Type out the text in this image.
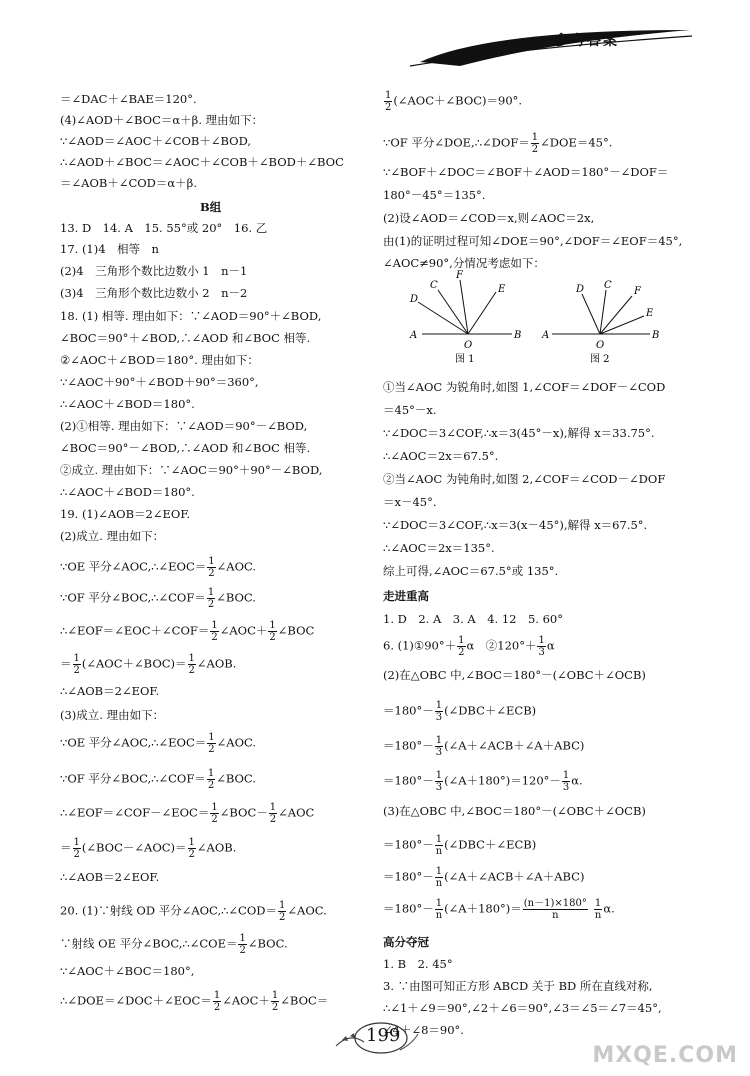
参考答案
＝∠DAC＋∠BAE＝120°.
(4)∠AOD＋∠BOC＝α＋β. 理由如下：
∵∠AOD＝∠AOC＋∠COB＋∠BOD,
∴∠AOD＋∠BOC＝∠AOC＋∠COB＋∠BOD＋∠BOC
＝∠AOB＋∠COD＝α＋β.
B组
13. D　14. A　15. 55°或 20°　16. 乙
17. (1)4　相等　n
(2)4　三角形个数比边数小 1　n－1
(3)4　三角形个数比边数小 2　n－2
18. (1) 相等. 理由如下：∵∠AOD＝90°＋∠BOD,
∠BOC＝90°＋∠BOD,∴∠AOD 和∠BOC 相等.
②∠AOC＋∠BOD＝180°. 理由如下：
∵∠AOC＋90°＋∠BOD＋90°＝360°,
∴∠AOC＋∠BOD＝180°.
(2)①相等. 理由如下：∵∠AOD＝90°－∠BOD,
∠BOC＝90°－∠BOD,∴∠AOD 和∠BOC 相等.
②成立. 理由如下：∵∠AOC＝90°＋90°－∠BOD,
∴∠AOC＋∠BOD＝180°.
19. (1)∠AOB＝2∠EOF.
(2)成立. 理由如下：
∵OE 平分∠AOC,∴∠EOC＝ $\frac{1}{2}$ ∠AOC.
∵OF 平分∠BOC,∴∠COF＝ $\frac{1}{2}$ ∠BOC.
∴∠EOF＝∠EOC＋∠COF＝ $\frac{1}{2}$ ∠AOC＋ $\frac{1}{2}$ ∠BOC
＝ $\frac{1}{2}$ (∠AOC＋∠BOC)＝ $\frac{1}{2}$ ∠AOB.
∴∠AOB＝2∠EOF.
(3)成立. 理由如下：
∵OE 平分∠AOC,∴∠EOC＝ $\frac{1}{2}$ ∠AOC.
∵OF 平分∠BOC,∴∠COF＝ $\frac{1}{2}$ ∠BOC.
∴∠EOF＝∠COF－∠EOC＝ $\frac{1}{2}$ ∠BOC－ $\frac{1}{2}$ ∠AOC
＝ $\frac{1}{2}$ (∠BOC－∠AOC)＝ $\frac{1}{2}$ ∠AOB.
∴∠AOB＝2∠EOF.
20. (1)∵射线 OD 平分∠AOC,∴∠COD＝ $\frac{1}{2}$ ∠AOC.
∵射线 OE 平分∠BOC,∴∠COE＝ $\frac{1}{2}$ ∠BOC.
∵∠AOC＋∠BOC＝180°,
∴∠DOE＝∠DOC＋∠EOC＝ $\frac{1}{2}$ ∠AOC＋ $\frac{1}{2}$ ∠BOC＝
$\frac{1}{2}$ (∠AOC＋∠BOC)＝90°.
∵OF 平分∠DOE,∴∠DOF＝ $\frac{1}{2}$ ∠DOE＝45°.
∵∠BOF＋∠DOC＝∠BOF＋∠AOD＝180°－∠DOF＝
180°－45°＝135°.
(2)设∠AOD＝∠COD＝x,则∠AOC＝2x,
由(1)的证明过程可知∠DOE＝90°,∠DOF＝∠EOF＝45°,
∠AOC≠90°,分情况考虑如下：
①当∠AOC 为锐角时,如图 1,∠COF＝∠DOF－∠COD
＝45°－x.
∵∠DOC＝3∠COF,∴x＝3(45°－x),解得 x＝33.75°.
∴∠AOC＝2x＝67.5°.
②当∠AOC 为钝角时,如图 2,∠COF＝∠COD－∠DOF
＝x－45°.
∵∠DOC＝3∠COF,∴x＝3(x－45°),解得 x＝67.5°.
∴∠AOC＝2x＝135°.
综上可得,∠AOC＝67.5°或 135°.
走进重高
1. D　2. A　3. A　4. 12　5. 60°
6. (1)①90°＋ $\frac{1}{2}$ α　②120°＋ $\frac{1}{3}$ α
(2)在△OBC 中,∠BOC＝180°－(∠OBC＋∠OCB)
$=180^\circ- \frac{1}{3}$ (∠DBC＋∠ECB)
$=180^\circ- \frac{1}{3}$ (∠A＋∠ACB＋∠A＋ABC)
$=180^\circ- \frac{1}{3}$ (∠A＋180°)＝120°－ $\frac{1}{3} \alpha$.
(3)在△OBC 中,∠BOC＝180°－(∠OBC＋∠OCB)
$=180^\circ- \frac{1}{n}$ (∠DBC＋∠ECB)
$=180^\circ- \frac{1}{n}$ (∠A＋∠ACB＋∠A＋ABC)
$=180^\circ- \frac{1}{n}$ (∠A＋180°)＝ $\frac{(n-1)\times 180^\circ}{n} \frac{1}{n} \alpha$.
高分夺冠
1. B　2. 45°
3. ∵由图可知正方形 ABCD 关于 BD 所在直线对称,
∴∠1＋∠9＝90°,∠2＋∠6＝90°,∠3＝∠5＝∠7＝45°,
∠4＋∠8＝90°.
A	B
O
C
F
E
D
图 1
A	B
O
D C
F
E
图 2
199
MXQE.COM
